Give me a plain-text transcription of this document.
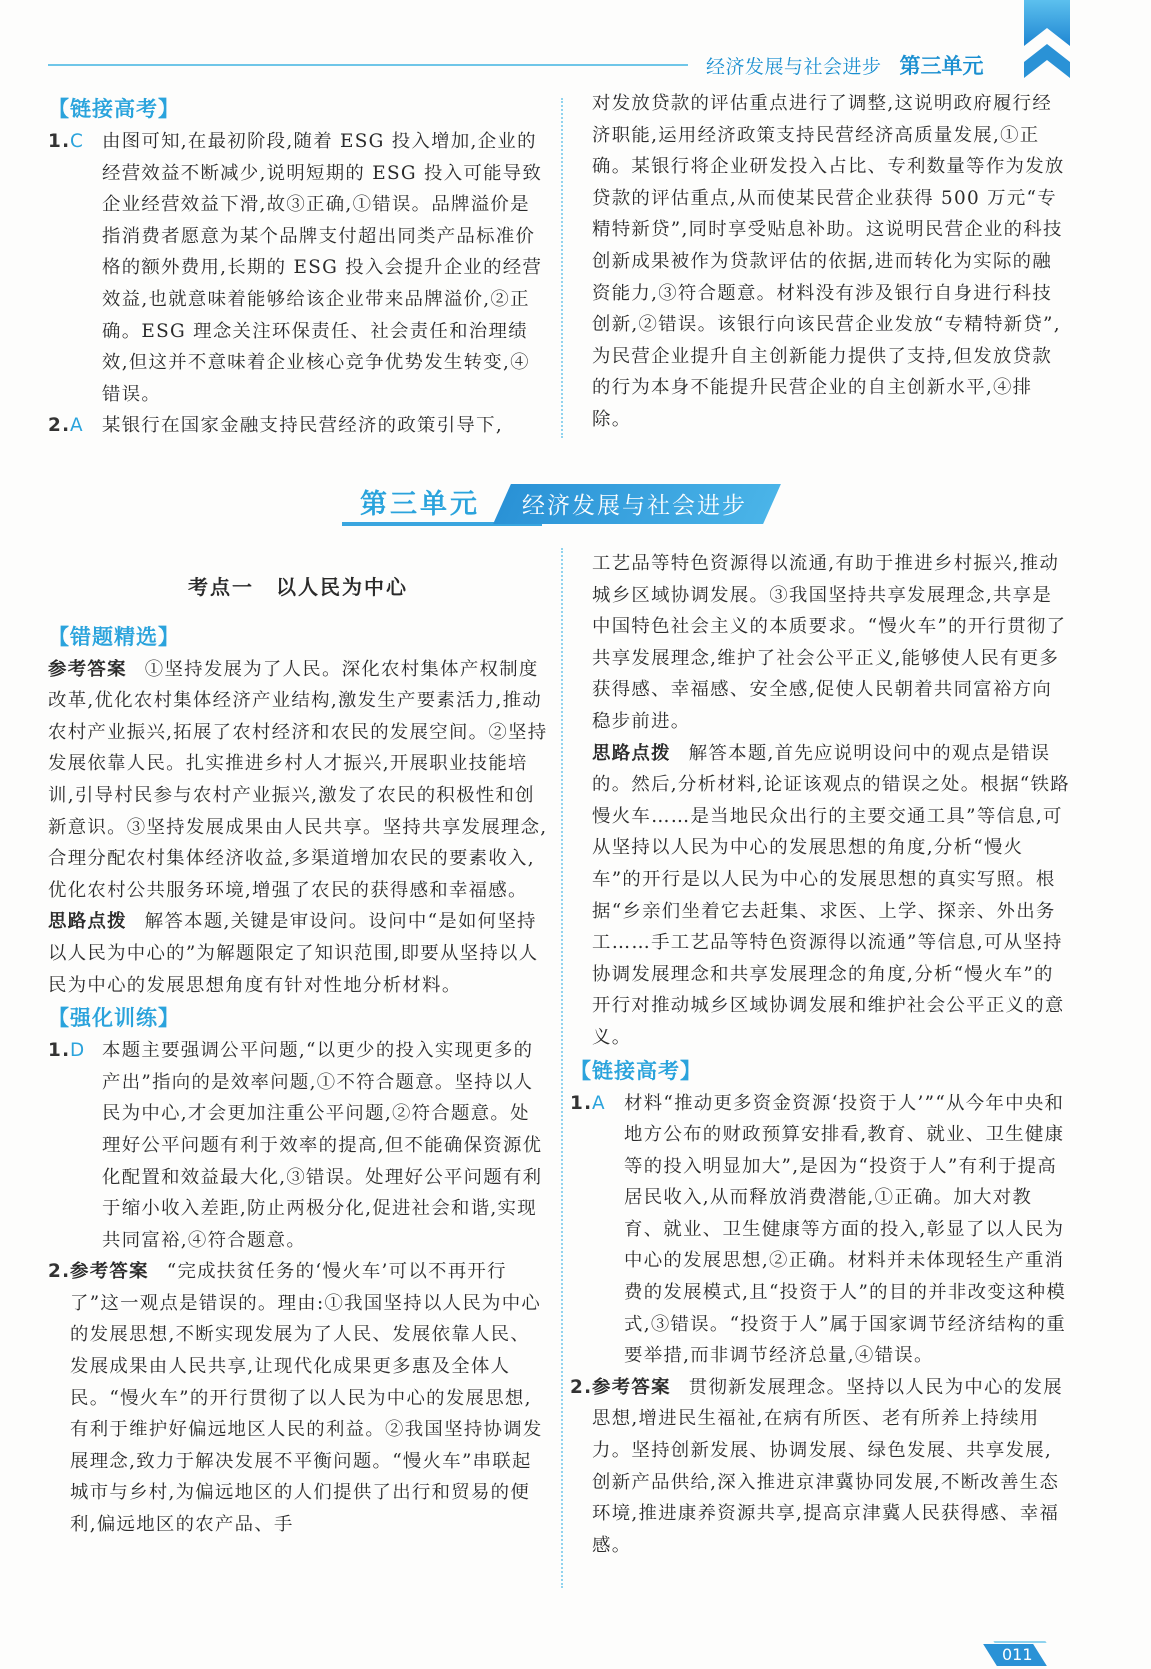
经济发展与社会进步 第三单元
【链接高考】
1. C 由图可知,在最初阶段,随着 ESG 投入增加,企业的经营效益不断减少,说明短期的 ESG 投入可能导致企业经营效益下滑,故③正确,①错误。品牌溢价是指消费者愿意为某个品牌支付超出同类产品标准价格的额外费用,长期的 ESG 投入会提升企业的经营效益,也就意味着能够给该企业带来品牌溢价,②正确。ESG 理念关注环保责任、社会责任和治理绩效,但这并不意味着企业核心竞争优势发生转变,④错误。
2. A 某银行在国家金融支持民营经济的政策引导下,
对发放贷款的评估重点进行了调整,这说明政府履行经济职能,运用经济政策支持民营经济高质量发展,①正确。某银行将企业研发投入占比、专利数量等作为发放贷款的评估重点,从而使某民营企业获得 500 万元“专精特新贷”,同时享受贴息补助。这说明民营企业的科技创新成果被作为贷款评估的依据,进而转化为实际的融资能力,③符合题意。材料没有涉及银行自身进行科技创新,②错误。该银行向该民营企业发放“专精特新贷”,为民营企业提升自主创新能力提供了支持,但发放贷款的行为本身不能提升民营企业的自主创新水平,④排除。
第三单元 经济发展与社会进步
考点一　以人民为中心
【错题精选】
参考答案 ①坚持发展为了人民。深化农村集体产权制度改革,优化农村集体经济产业结构,激发生产要素活力,推动农村产业振兴,拓展了农村经济和农民的发展空间。②坚持发展依靠人民。扎实推进乡村人才振兴,开展职业技能培训,引导村民参与农村产业振兴,激发了农民的积极性和创新意识。③坚持发展成果由人民共享。坚持共享发展理念,合理分配农村集体经济收益,多渠道增加农民的要素收入,优化农村公共服务环境,增强了农民的获得感和幸福感。
思路点拨 解答本题,关键是审设问。设问中“是如何坚持以人民为中心的”为解题限定了知识范围,即要从坚持以人民为中心的发展思想角度有针对性地分析材料。
【强化训练】
1. D 本题主要强调公平问题,“以更少的投入实现更多的产出”指向的是效率问题,①不符合题意。坚持以人民为中心,才会更加注重公平问题,②符合题意。处理好公平问题有利于效率的提高,但不能确保资源优化配置和效益最大化,③错误。处理好公平问题有利于缩小收入差距,防止两极分化,促进社会和谐,实现共同富裕,④符合题意。
2. 参考答案 “完成扶贫任务的‘慢火车’可以不再开行了”这一观点是错误的。理由:①我国坚持以人民为中心的发展思想,不断实现发展为了人民、发展依靠人民、发展成果由人民共享,让现代化成果更多惠及全体人民。“慢火车”的开行贯彻了以人民为中心的发展思想,有利于维护好偏远地区人民的利益。②我国坚持协调发展理念,致力于解决发展不平衡问题。“慢火车”串联起城市与乡村,为偏远地区的人们提供了出行和贸易的便利,偏远地区的农产品、手
工艺品等特色资源得以流通,有助于推进乡村振兴,推动城乡区域协调发展。③我国坚持共享发展理念,共享是中国特色社会主义的本质要求。“慢火车”的开行贯彻了共享发展理念,维护了社会公平正义,能够使人民有更多获得感、幸福感、安全感,促使人民朝着共同富裕方向稳步前进。
思路点拨 解答本题,首先应说明设问中的观点是错误的。然后,分析材料,论证该观点的错误之处。根据“铁路慢火车……是当地民众出行的主要交通工具”等信息,可从坚持以人民为中心的发展思想的角度,分析“慢火车”的开行是以人民为中心的发展思想的真实写照。根据“乡亲们坐着它去赶集、求医、上学、探亲、外出务工……手工艺品等特色资源得以流通”等信息,可从坚持协调发展理念和共享发展理念的角度,分析“慢火车”的开行对推动城乡区域协调发展和维护社会公平正义的意义。
【链接高考】
1. A 材料“推动更多资金资源‘投资于人’”“从今年中央和地方公布的财政预算安排看,教育、就业、卫生健康等的投入明显加大”,是因为“投资于人”有利于提高居民收入,从而释放消费潜能,①正确。加大对教育、就业、卫生健康等方面的投入,彰显了以人民为中心的发展思想,②正确。材料并未体现轻生产重消费的发展模式,且“投资于人”的目的并非改变这种模式,③错误。“投资于人”属于国家调节经济结构的重要举措,而非调节经济总量,④错误。
2. 参考答案 贯彻新发展理念。坚持以人民为中心的发展思想,增进民生福祉,在病有所医、老有所养上持续用力。坚持创新发展、协调发展、绿色发展、共享发展,创新产品供给,深入推进京津冀协同发展,不断改善生态环境,推进康养资源共享,提高京津冀人民获得感、幸福感。
011
